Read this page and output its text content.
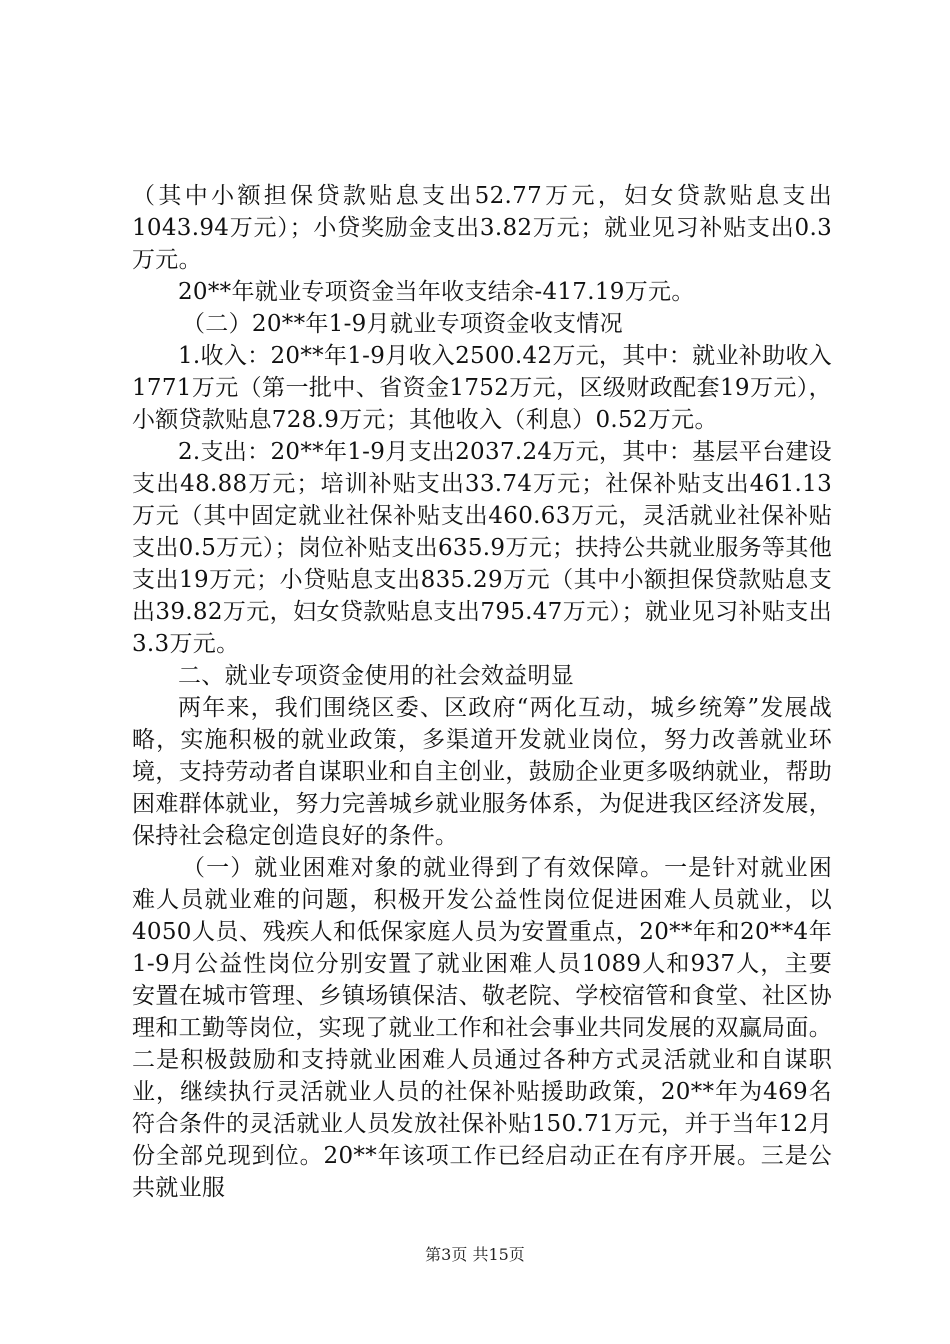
（其中小额担保贷款贴息支出52.77万元，妇女贷款贴息支出1043.94万元）；小贷奖励金支出3.82万元；就业见习补贴支出0.3万元。

20**年就业专项资金当年收支结余-417.19万元。

（二）20**年1-9月就业专项资金收支情况

1.收入：20**年1-9月收入2500.42万元，其中：就业补助收入1771万元（第一批中、省资金1752万元，区级财政配套19万元），小额贷款贴息728.9万元；其他收入（利息）0.52万元。

2.支出：20**年1-9月支出2037.24万元，其中：基层平台建设支出48.88万元；培训补贴支出33.74万元；社保补贴支出461.13万元（其中固定就业社保补贴支出460.63万元，灵活就业社保补贴支出0.5万元）；岗位补贴支出635.9万元；扶持公共就业服务等其他支出19万元；小贷贴息支出835.29万元（其中小额担保贷款贴息支出39.82万元，妇女贷款贴息支出795.47万元）；就业见习补贴支出3.3万元。

二、就业专项资金使用的社会效益明显

两年来，我们围绕区委、区政府“两化互动，城乡统筹”发展战略，实施积极的就业政策，多渠道开发就业岗位，努力改善就业环境，支持劳动者自谋职业和自主创业，鼓励企业更多吸纳就业，帮助困难群体就业，努力完善城乡就业服务体系，为促进我区经济发展，保持社会稳定创造良好的条件。

（一）就业困难对象的就业得到了有效保障。一是针对就业困难人员就业难的问题，积极开发公益性岗位促进困难人员就业，以4050人员、残疾人和低保家庭人员为安置重点，20**年和20**4年1-9月公益性岗位分别安置了就业困难人员1089人和937人，主要安置在城市管理、乡镇场镇保洁、敬老院、学校宿管和食堂、社区协理和工勤等岗位，实现了就业工作和社会事业共同发展的双赢局面。二是积极鼓励和支持就业困难人员通过各种方式灵活就业和自谋职业，继续执行灵活就业人员的社保补贴援助政策，20**年为469名符合条件的灵活就业人员发放社保补贴150.71万元，并于当年12月份全部兑现到位。20**年该项工作已经启动正在有序开展。三是公共就业服

第3页 共15页
